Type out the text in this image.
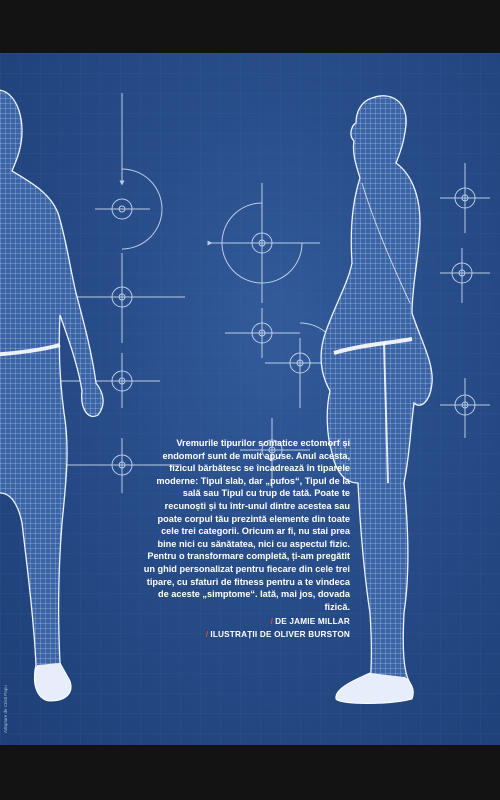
Adaptare de Cristi Papu

Vremurile tipurilor somatice ectomorf și endomorf sunt de mult apuse. Anul acesta, fizicul bărbătesc se încadrează în tiparele moderne: Tipul slab, dar „pufos“, Tipul de la sală sau Tipul cu trup de tată. Poate te recunoști și tu într-unul dintre acestea sau poate corpul tău prezintă elemente din toate cele trei categorii. Oricum ar fi, nu stai prea bine nici cu sănătatea, nici cu aspectul fizic. Pentru o transformare completă, ți-am pregătit un ghid personalizat pentru fiecare din cele trei tipare, cu sfaturi de fitness pentru a te vindeca de aceste „simptome“. Iată, mai jos, dovada fizică.

/ DE JAMIE MILLAR
/ ILUSTRAȚII DE OLIVER BURSTON
